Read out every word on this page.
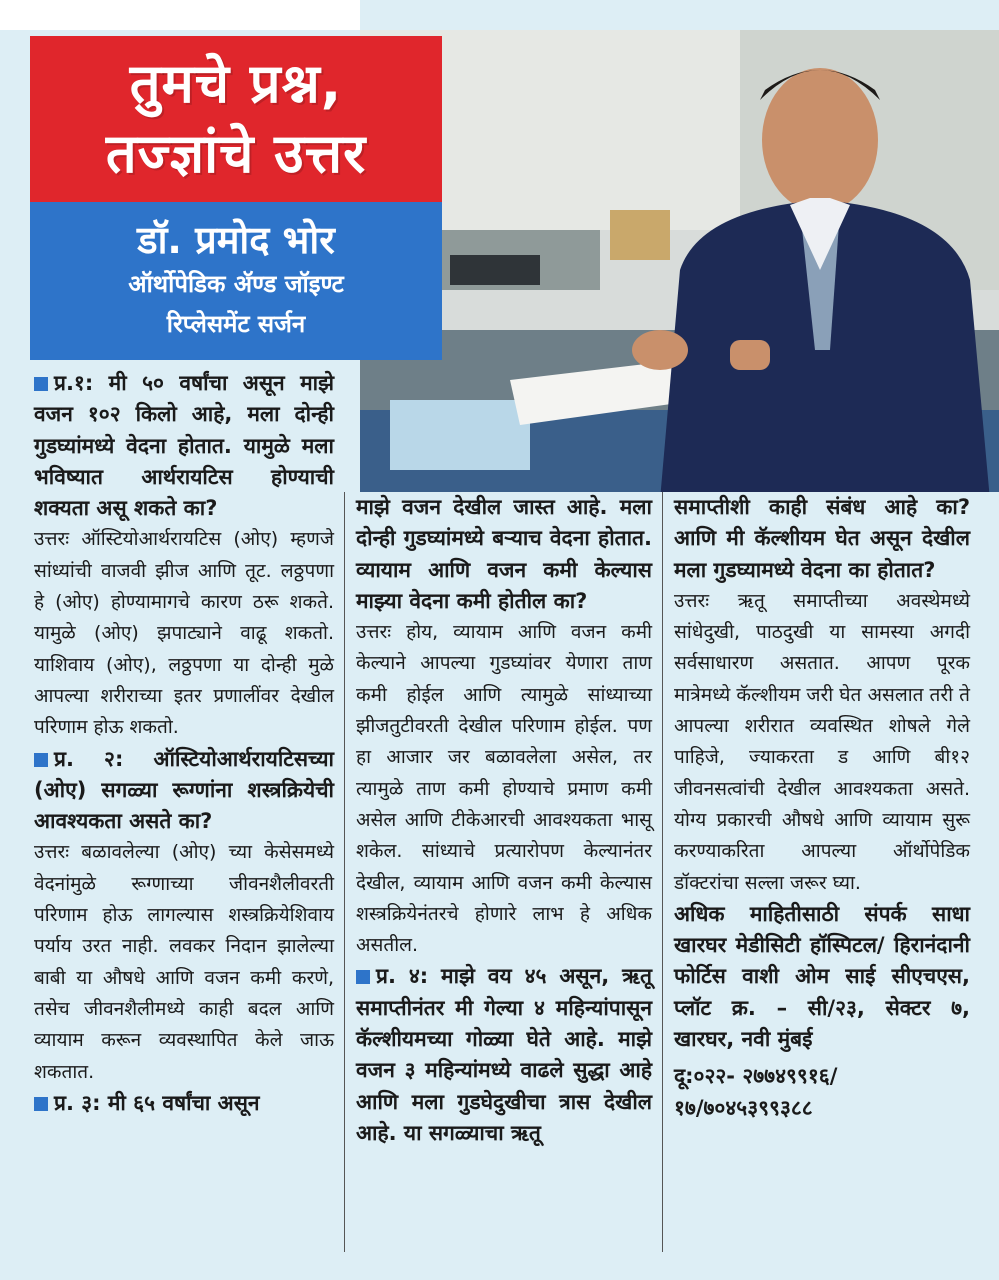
तुमचे प्रश्न,
तज्ज्ञांचे उत्तर
डॉ. प्रमोद भोर
ऑर्थोपेडिक ॲण्ड जॉइण्ट
रिप्लेसमेंट सर्जन

प्र.१: मी ५० वर्षांचा असून माझे वजन १०२ किलो आहे, मला दोन्ही गुडघ्यांमध्ये वेदना होतात. यामुळे मला भविष्यात आर्थरायटिस होण्याची शक्यता असू शकते का?

उत्तरः ऑस्टियोआर्थरायटिस (ओए) म्हणजे सांध्यांची वाजवी झीज आणि तूट. लठ्ठपणा हे (ओए) होण्यामागचे कारण ठरू शकते. यामुळे (ओए) झपाट्याने वाढू शकतो. याशिवाय (ओए), लठ्ठपणा या दोन्ही मुळे आपल्या शरीराच्या इतर प्रणालींवर देखील परिणाम होऊ शकतो.

प्र. २: ऑस्टियोआर्थरायटिसच्या (ओए) सगळ्या रूग्णांना शस्त्रक्रियेची आवश्यकता असते का?

उत्तरः बळावलेल्या (ओए) च्या केसेसमध्ये वेदनांमुळे रूग्णाच्या जीवनशैलीवरती परिणाम होऊ लागल्यास शस्त्रक्रियेशिवाय पर्याय उरत नाही. लवकर निदान झालेल्या बाबी या औषधे आणि वजन कमी करणे, तसेच जीवनशैलीमध्ये काही बदल आणि व्यायाम करून व्यवस्थापित केले जाऊ शकतात.

प्र. ३: मी ६५ वर्षांचा असून

माझे वजन देखील जास्त आहे. मला दोन्ही गुडघ्यांमध्ये बऱ्याच वेदना होतात. व्यायाम आणि वजन कमी केल्यास माझ्या वेदना कमी होतील का?

उत्तरः होय, व्यायाम आणि वजन कमी केल्याने आपल्या गुडघ्यांवर येणारा ताण कमी होईल आणि त्यामुळे सांध्याच्या झीजतुटीवरती देखील परिणाम होईल. पण हा आजार जर बळावलेला असेल, तर त्यामुळे ताण कमी होण्याचे प्रमाण कमी असेल आणि टीकेआरची आवश्यकता भासू शकेल. सांध्याचे प्रत्यारोपण केल्यानंतर देखील, व्यायाम आणि वजन कमी केल्यास शस्त्रक्रियेनंतरचे होणारे लाभ हे अधिक असतील.

प्र. ४: माझे वय ४५ असून, ऋतू समाप्तीनंतर मी गेल्या ४ महिन्यांपासून कॅल्शीयमच्या गोळ्या घेते आहे. माझे वजन ३ महिन्यांमध्ये वाढले सुद्धा आहे आणि मला गुडघेदुखीचा त्रास देखील आहे. या सगळ्याचा ऋतू

समाप्तीशी काही संबंध आहे का? आणि मी कॅल्शीयम घेत असून देखील मला गुडघ्यामध्ये वेदना का होतात?

उत्तरः ऋतू समाप्तीच्या अवस्थेमध्ये सांधेदुखी, पाठदुखी या सामस्या अगदी सर्वसाधारण असतात. आपण पूरक मात्रेमध्ये कॅल्शीयम जरी घेत असलात तरी ते आपल्या शरीरात व्यवस्थित शोषले गेले पाहिजे, ज्याकरता ड आणि बी१२ जीवनसत्वांची देखील आवश्यकता असते. योग्य प्रकारची औषधे आणि व्यायाम सुरू करण्याकरिता आपल्या ऑर्थोपेडिक डॉक्टरांचा सल्ला जरूर घ्या.

अधिक माहितीसाठी संपर्क साधा खारघर मेडीसिटी हॉस्पिटल/ हिरानंदानी फोर्टिस वाशी ओम साई सीएचएस, प्लॉट क्र. – सी/२३, सेक्टर ७, खारघर, नवी मुंबई

दू:०२२- २७७४९९१६/ १७/७०४५३९९३८८
